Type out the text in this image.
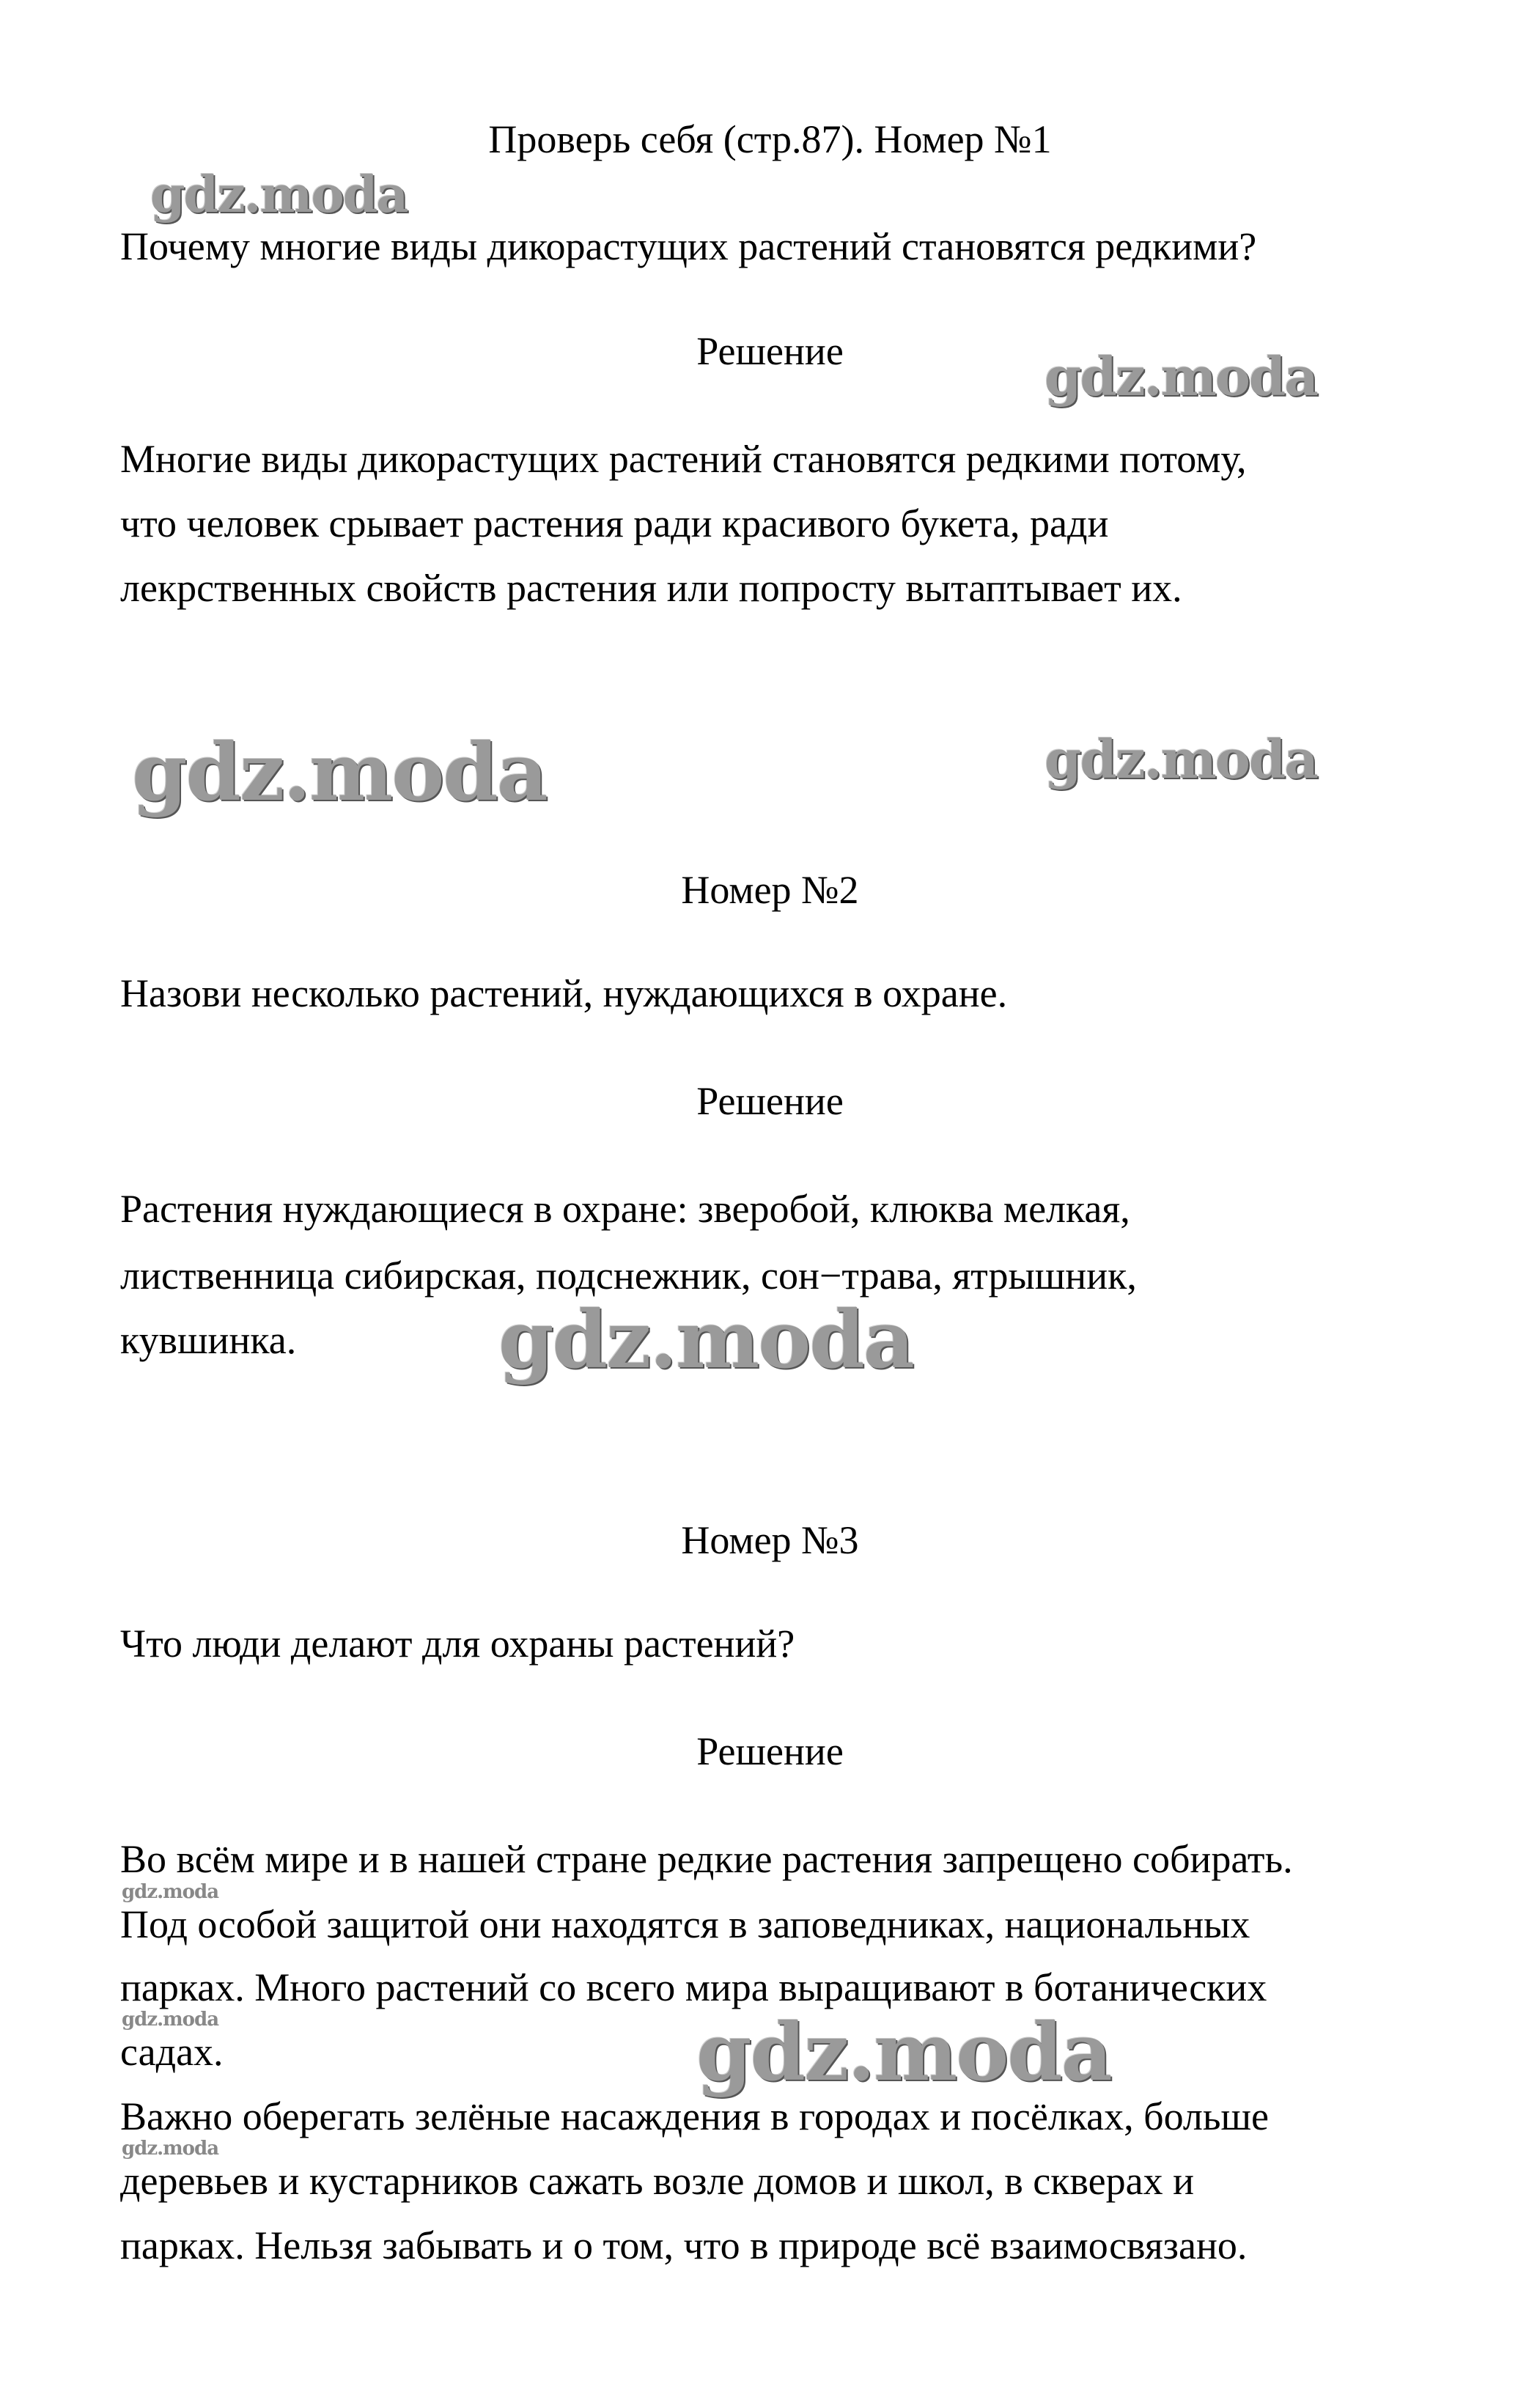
Проверь себя (стр.87). Номер №1
Почему многие виды дикорастущих растений становятся редкими?
Решение
Многие виды дикорастущих растений становятся редкими потому,
что человек срывает растения ради красивого букета, ради
лекрственных свойств растения или попросту вытаптывает их.
Номер №2
Назови несколько растений, нуждающихся в охране.
Решение
Растения нуждающиеся в охране: зверобой, клюква мелкая,
лиственница сибирская, подснежник, сон−трава, ятрышник,
кувшинка.
Номер №3
Что люди делают для охраны растений?
Решение
Во всём мире и в нашей стране редкие растения запрещено собирать.
Под особой защитой они находятся в заповедниках, национальных
парках. Много растений со всего мира выращивают в ботанических
садах.
Важно оберегать зелёные насаждения в городах и посёлках, больше
деревьев и кустарников сажать возле домов и школ, в скверах и
парках. Нельзя забывать и о том, что в природе всё взаимосвязано.
gdz.moda
gdz.moda
gdz.moda	gdz.moda
gdz.moda
gdz.moda
gdz.moda
gdz.moda
gdz.moda
